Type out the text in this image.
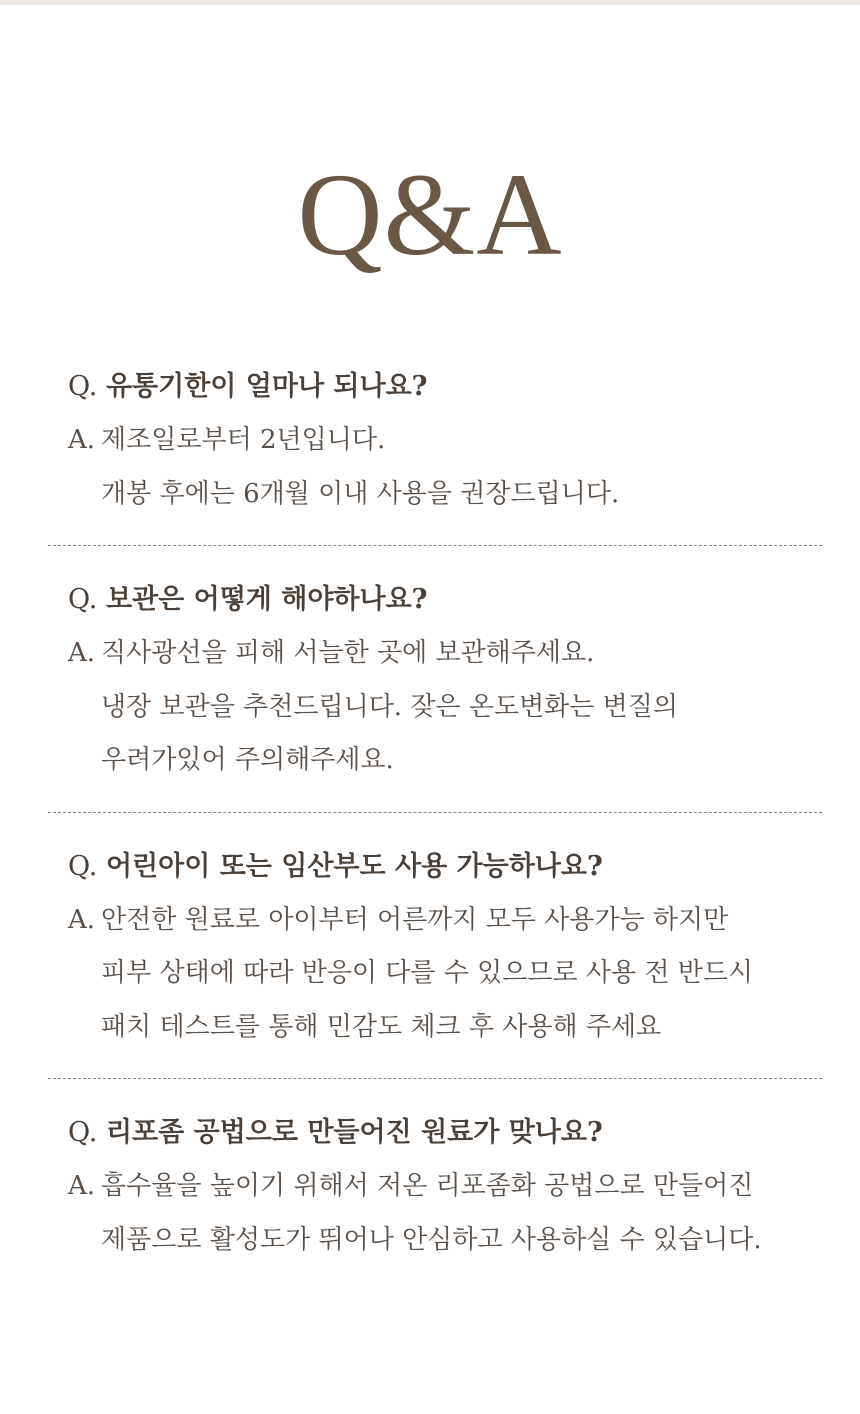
Q&A
Q. 유통기한이 얼마나 되나요?
A. 제조일로부터 2년입니다.
개봉 후에는 6개월 이내 사용을 권장드립니다.
Q. 보관은 어떻게 해야하나요?
A. 직사광선을 피해 서늘한 곳에 보관해주세요.
냉장 보관을 추천드립니다. 잦은 온도변화는 변질의
우려가있어 주의해주세요.
Q. 어린아이 또는 임산부도 사용 가능하나요?
A. 안전한 원료로 아이부터 어른까지 모두 사용가능 하지만
피부 상태에 따라 반응이 다를 수 있으므로 사용 전 반드시
패치 테스트를 통해 민감도 체크 후 사용해 주세요
Q. 리포좀 공법으로 만들어진 원료가 맞나요?
A. 흡수율을 높이기 위해서 저온 리포좀화 공법으로 만들어진
제품으로 활성도가 뛰어나 안심하고 사용하실 수 있습니다.
